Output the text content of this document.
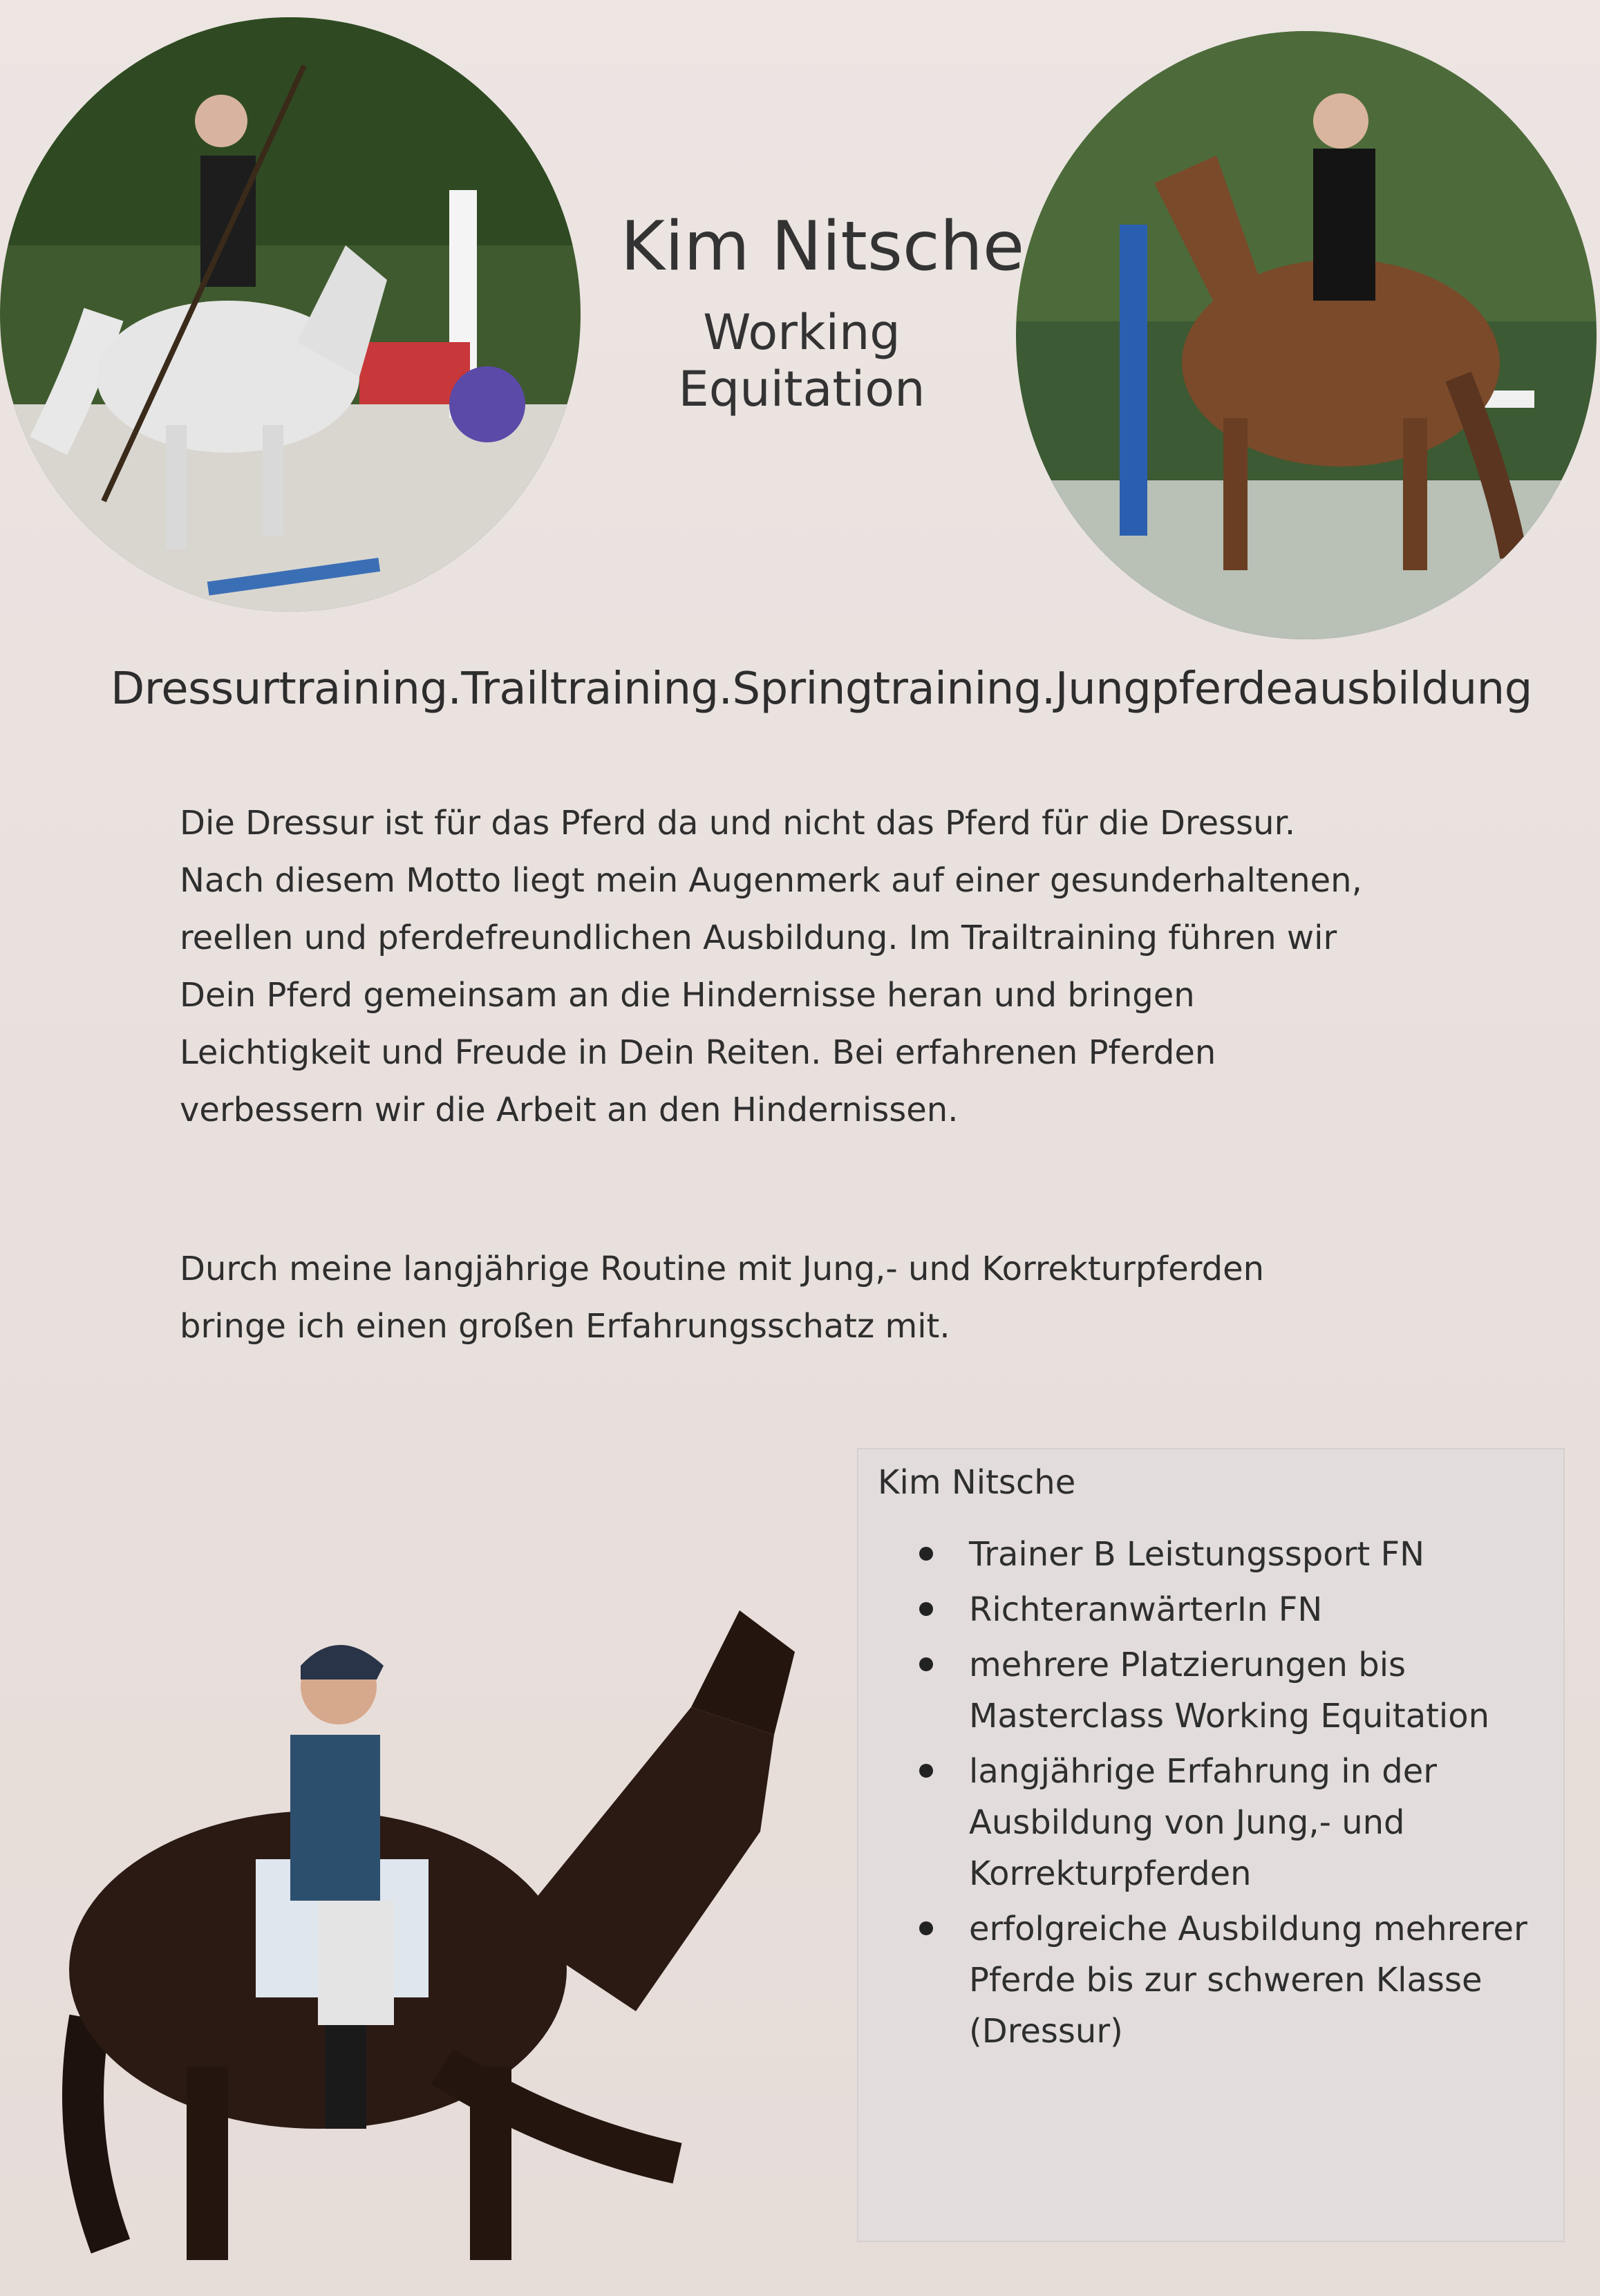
Kim Nitsche
Working Equitation
Dressurtraining.Trailtraining.Springtraining.Jungpferdeausbildung

Die Dressur ist für das Pferd da und nicht das Pferd für die Dressur.

Nach diesem Motto liegt mein Augenmerk auf einer gesunderhaltenen,

reellen und pferdefreundlichen Ausbildung. Im Trailtraining führen wir

Dein Pferd gemeinsam an die Hindernisse heran und bringen

Leichtigkeit und Freude in Dein Reiten. Bei erfahrenen Pferden

verbessern wir die Arbeit an den Hindernissen.

Durch meine langjährige Routine mit Jung,- und Korrekturpferden

bringe ich einen großen Erfahrungsschatz mit.

Kim Nitsche
Trainer B Leistungssport FN
RichteranwärterIn FN
mehrere Platzierungen bis
Masterclass Working Equitation
langjährige Erfahrung in der
Ausbildung von Jung,- und
Korrekturpferden
erfolgreiche Ausbildung mehrerer
Pferde bis zur schweren Klasse
(Dressur)
